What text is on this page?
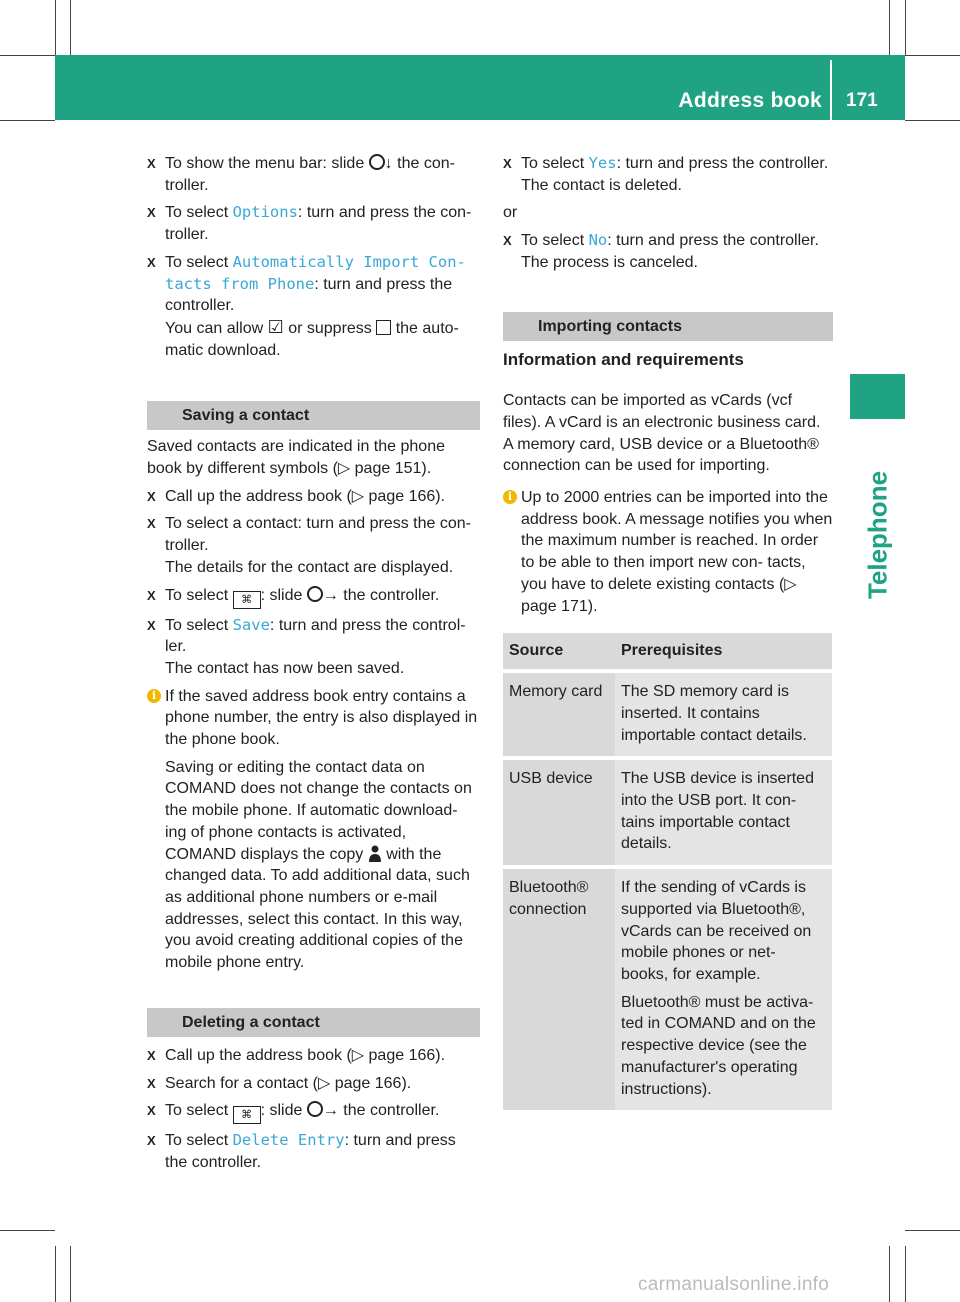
Address book 171
Telephone
X To show the menu bar: slide ↓ the con- troller.
X To select Options: turn and press the con- troller.
X To select Automatically Import Con‐ tacts from Phone: turn and press the controller.
You can allow ☑ or suppress the auto- matic download.
Saving a contact
Saved contacts are indicated in the phone book by different symbols (▷ page 151).
X Call up the address book (▷ page 166).
X To select a contact: turn and press the con- troller.
The details for the contact are displayed.
X To select ⌘ : slide → the controller.
X To select Save: turn and press the control- ler.
The contact has now been saved.
i If the saved address book entry contains a phone number, the entry is also displayed in the phone book.
Saving or editing the contact data on COMAND does not change the contacts on the mobile phone. If automatic download- ing of phone contacts is activated, COMAND displays the copy with the changed data. To add additional data, such as additional phone numbers or e-mail addresses, select this contact. In this way, you avoid creating additional copies of the mobile phone entry.
Deleting a contact
X Call up the address book (▷ page 166).
X Search for a contact (▷ page 166).
X To select ⌘ : slide → the controller.
X To select Delete Entry: turn and press the controller.
X To select Yes: turn and press the controller.
The contact is deleted.
or
X To select No: turn and press the controller.
The process is canceled.
Importing contacts
Information and requirements
Contacts can be imported as vCards (vcf files). A vCard is an electronic business card. A memory card, USB device or a Bluetooth® connection can be used for importing.
i Up to 2000 entries can be imported into the address book. A message notifies you when the maximum number is reached. In order to be able to then import new con- tacts, you have to delete existing contacts (▷ page 171).
Source	Prerequisites

Memory card	The SD memory card is inserted. It contains importable contact details.

USB device	The USB device is inserted into the USB port. It con- tains importable contact details.

Bluetooth® connection	If the sending of vCards is supported via Bluetooth®, vCards can be received on mobile phones or net- books, for example.
Bluetooth® must be activa- ted in COMAND and on the respective device (see the manufacturer's operating instructions).
carmanualsonline.info
